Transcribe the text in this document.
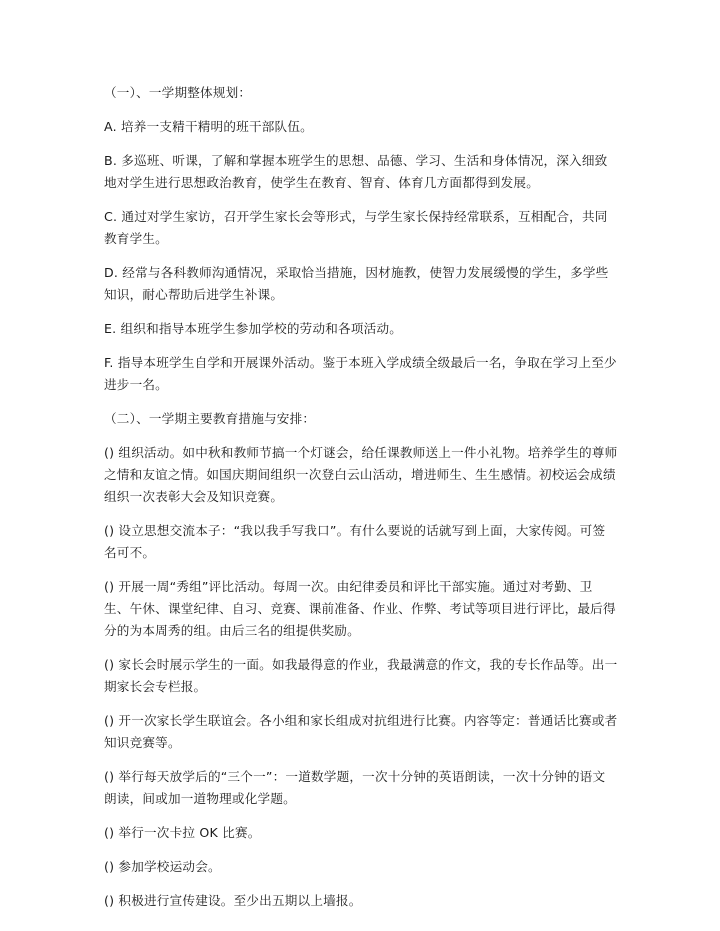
（一）、一学期整体规划：

A. 培养一支精干精明的班干部队伍。

B. 多巡班、听课，了解和掌握本班学生的思想、品德、学习、生活和身体情况，深入细致地对学生进行思想政治教育，使学生在教育、智育、体育几方面都得到发展。

C. 通过对学生家访，召开学生家长会等形式，与学生家长保持经常联系，互相配合，共同教育学生。

D. 经常与各科教师沟通情况，采取恰当措施，因材施教，使智力发展缓慢的学生，多学些知识，耐心帮助后进学生补课。

E. 组织和指导本班学生参加学校的劳动和各项活动。

F. 指导本班学生自学和开展课外活动。鉴于本班入学成绩全级最后一名，争取在学习上至少进步一名。

（二）、一学期主要教育措施与安排：

() 组织活动。如中秋和教师节搞一个灯谜会，给任课教师送上一件小礼物。培养学生的尊师之情和友谊之情。如国庆期间组织一次登白云山活动，增进师生、生生感情。初校运会成绩组织一次表彰大会及知识竞赛。

() 设立思想交流本子：“我以我手写我口”。有什么要说的话就写到上面，大家传阅。可签名可不。

() 开展一周“秀组”评比活动。每周一次。由纪律委员和评比干部实施。通过对考勤、卫生、午休、课堂纪律、自习、竞赛、课前准备、作业、作弊、考试等项目进行评比，最后得分的为本周秀的组。由后三名的组提供奖励。

() 家长会时展示学生的一面。如我最得意的作业，我最满意的作文，我的专长作品等。出一期家长会专栏报。

() 开一次家长学生联谊会。各小组和家长组成对抗组进行比赛。内容等定：普通话比赛或者知识竞赛等。

() 举行每天放学后的“三个一”：一道数学题，一次十分钟的英语朗读，一次十分钟的语文朗读，间或加一道物理或化学题。

() 举行一次卡拉 OK 比赛。

() 参加学校运动会。

() 积极进行宣传建设。至少出五期以上墙报。
